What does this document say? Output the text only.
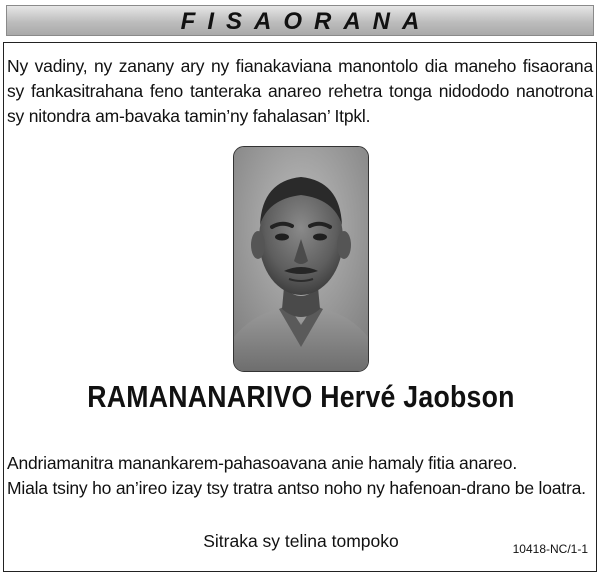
FISAORANA
Ny vadiny, ny zanany ary ny fianakaviana manontolo dia maneho fisaorana sy fankasitrahana feno tanteraka anareo rehetra tonga nidododo nanotrona sy nitondra am-bavaka tamin’ny fahalasan’ Itpkl.
RAMANANARIVO Hervé Jaobson

Andriamanitra manankarem-pahasoavana anie hamaly fitia anareo.

Miala tsiny ho an’ireo izay tsy tratra antso noho ny hafenoan-drano be loatra.

Sitraka sy telina tompoko	10418-NC/1-1
